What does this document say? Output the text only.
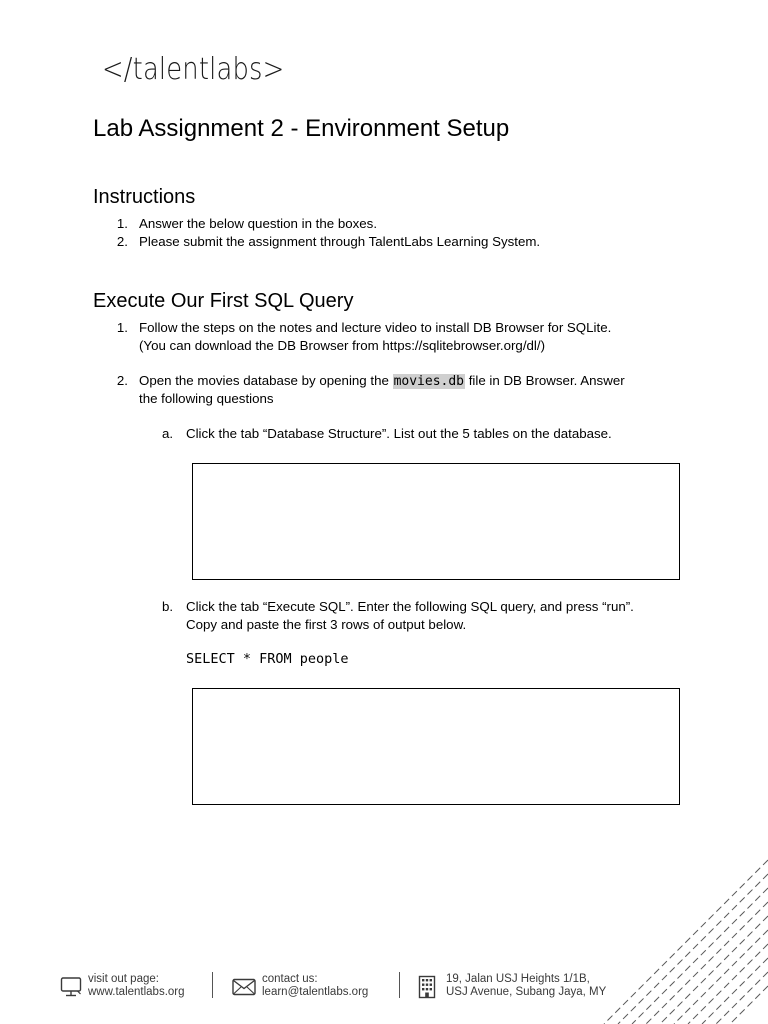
</talentlabs>
Lab Assignment 2 - Environment Setup
Instructions
1. Answer the below question in the boxes.
2. Please submit the assignment through TalentLabs Learning System.
Execute Our First SQL Query
1. Follow the steps on the notes and lecture video to install DB Browser for SQLite.
(You can download the DB Browser from https://sqlitebrowser.org/dl/)
2. Open the movies database by opening the movies.db file in DB Browser. Answer
the following questions
a. Click the tab “Database Structure”. List out the 5 tables on the database.
b. Click the tab “Execute SQL”. Enter the following SQL query, and press “run”.
Copy and paste the first 3 rows of output below.
SELECT * FROM people
visit out page:
www.talentlabs.org
contact us:
learn@talentlabs.org
19, Jalan USJ Heights 1/1B,
USJ Avenue, Subang Jaya, MY
